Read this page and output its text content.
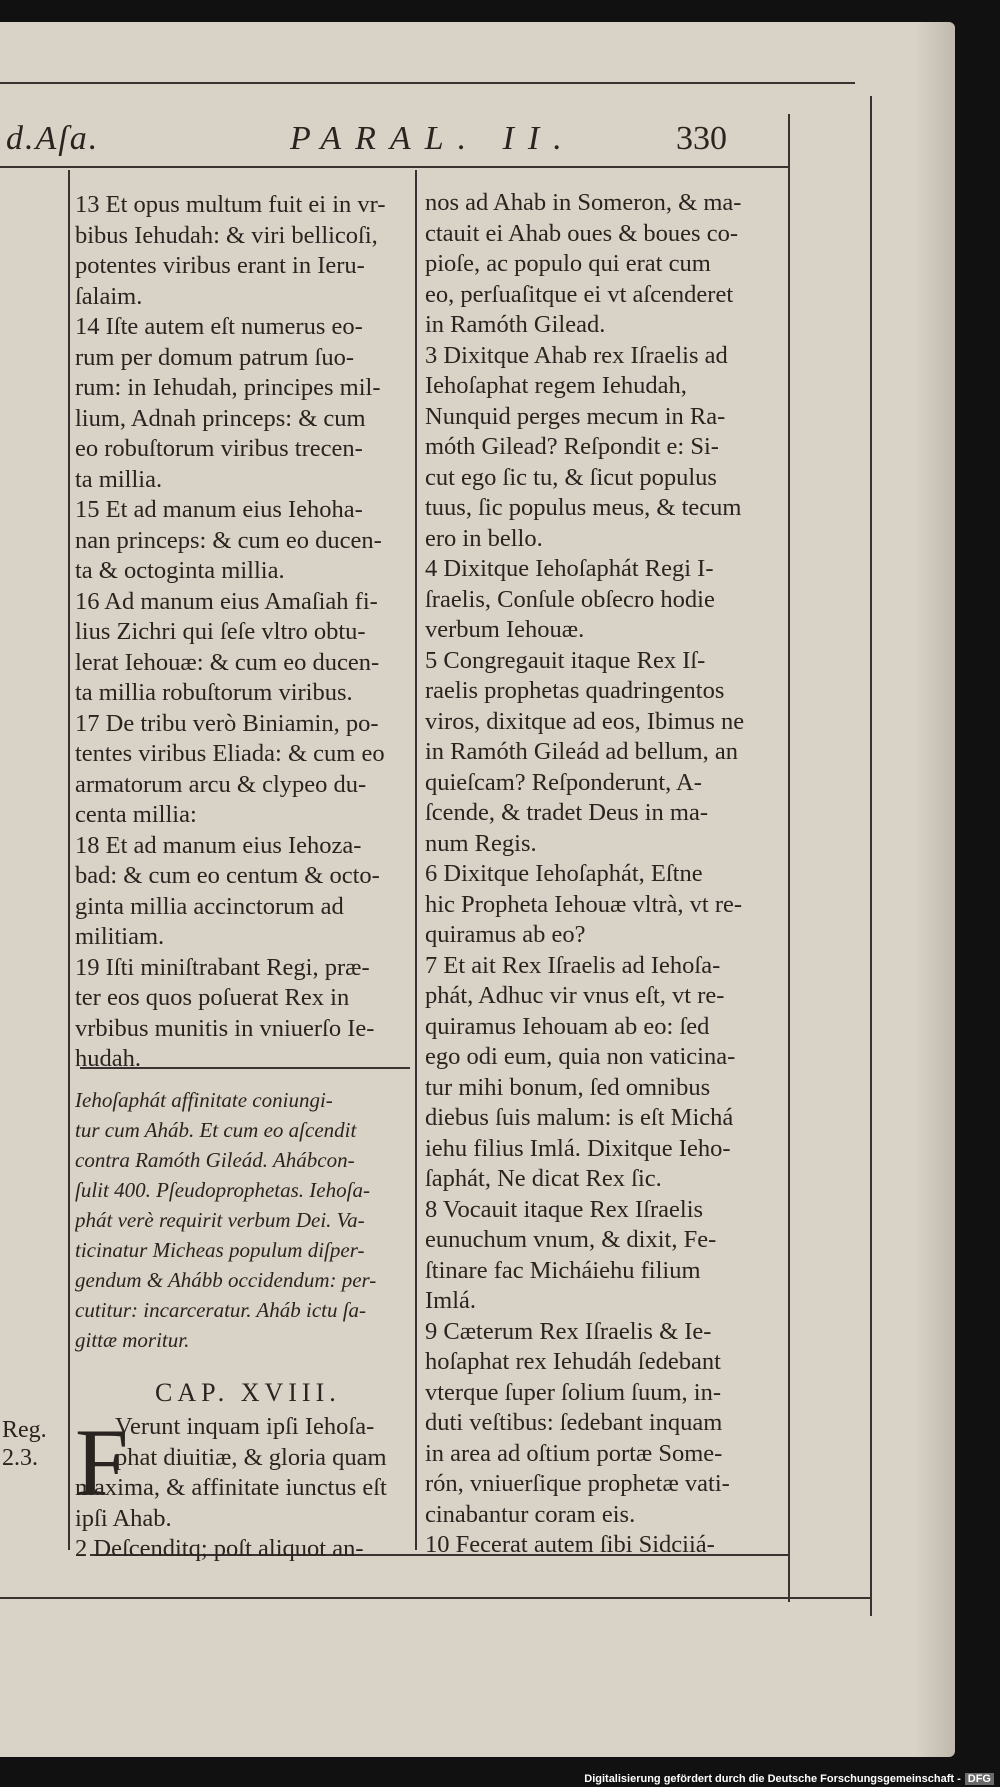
d.Aſa.	PARAL. II.	330
13 Et opus multum fuit ei in vr-
bibus Iehudah: & viri bellicoſi,
potentes viribus erant in Ieru-
ſalaim.
14 Iſte autem eſt numerus eo-
rum per domum patrum ſuo-
rum: in Iehudah, principes mil-
lium, Adnah princeps: & cum
eo robuſtorum viribus trecen-
ta millia.
15 Et ad manum eius Iehoha-
nan princeps: & cum eo ducen-
ta & octoginta millia.
16 Ad manum eius Amaſiah fi-
lius Zichri qui ſeſe vltro obtu-
lerat Iehouæ: & cum eo ducen-
ta millia robuſtorum viribus.
17 De tribu verò Biniamin, po-
tentes viribus Eliada: & cum eo
armatorum arcu & clypeo du-
centa millia:
18 Et ad manum eius Iehoza-
bad: & cum eo centum & octo-
ginta millia accinctorum ad
militiam.
19 Iſti miniſtrabant Regi, præ-
ter eos quos poſuerat Rex in
vrbibus munitis in vniuerſo Ie-
hudah.
Iehoſaphát affinitate coniungi-
tur cum Aháb. Et cum eo aſcendit
contra Ramóth Gileád. Ahábcon-
ſulit 400. Pſeudoprophetas. Iehoſa-
phát verè requirit verbum Dei. Va-
ticinatur Micheas populum diſper-
gendum & Ahább occidendum: per-
cutitur: incarceratur. Aháb ictu ſa-
gittæ moritur.
CAP. XVIII.
F
Verunt inquam ipſi Iehoſa-
phat diuitiæ, & gloria quam
maxima, & affinitate iunctus eſt
ipſi Ahab.
2 Deſcenditq; poſt aliquot an-
nos ad Ahab in Someron, & ma-
ctauit ei Ahab oues & boues co-
pioſe, ac populo qui erat cum
eo, perſuaſitque ei vt aſcenderet
in Ramóth Gilead.
3 Dixitque Ahab rex Iſraelis ad
Iehoſaphat regem Iehudah,
Nunquid perges mecum in Ra-
móth Gilead? Reſpondit e: Si-
cut ego ſic tu, & ſicut populus
tuus, ſic populus meus, & tecum
ero in bello.
4 Dixitque Iehoſaphát Regi I-
ſraelis, Conſule obſecro hodie
verbum Iehouæ.
5 Congregauit itaque Rex Iſ-
raelis prophetas quadringentos
viros, dixitque ad eos, Ibimus ne
in Ramóth Gileád ad bellum, an
quieſcam? Reſponderunt, A-
ſcende, & tradet Deus in ma-
num Regis.
6 Dixitque Iehoſaphát, Eſtne
hic Propheta Iehouæ vltrà, vt re-
quiramus ab eo?
7 Et ait Rex Iſraelis ad Iehoſa-
phát, Adhuc vir vnus eſt, vt re-
quiramus Iehouam ab eo: ſed
ego odi eum, quia non vaticina-
tur mihi bonum, ſed omnibus
diebus ſuis malum: is eſt Michá
iehu filius Imlá. Dixitque Ieho-
ſaphát, Ne dicat Rex ſic.
8 Vocauit itaque Rex Iſraelis
eunuchum vnum, & dixit, Fe-
ſtinare fac Micháiehu filium
Imlá.
9 Cæterum Rex Iſraelis & Ie-
hoſaphat rex Iehudáh ſedebant
vterque ſuper ſolium ſuum, in-
duti veſtibus: ſedebant inquam
in area ad oſtium portæ Some-
rón, vniuerſique prophetæ vati-
cinabantur coram eis.
10 Fecerat autem ſibi Sidciiá-
Reg.
2.3.
Digitalisierung gefördert durch die Deutsche Forschungsgemeinschaft - DFG
